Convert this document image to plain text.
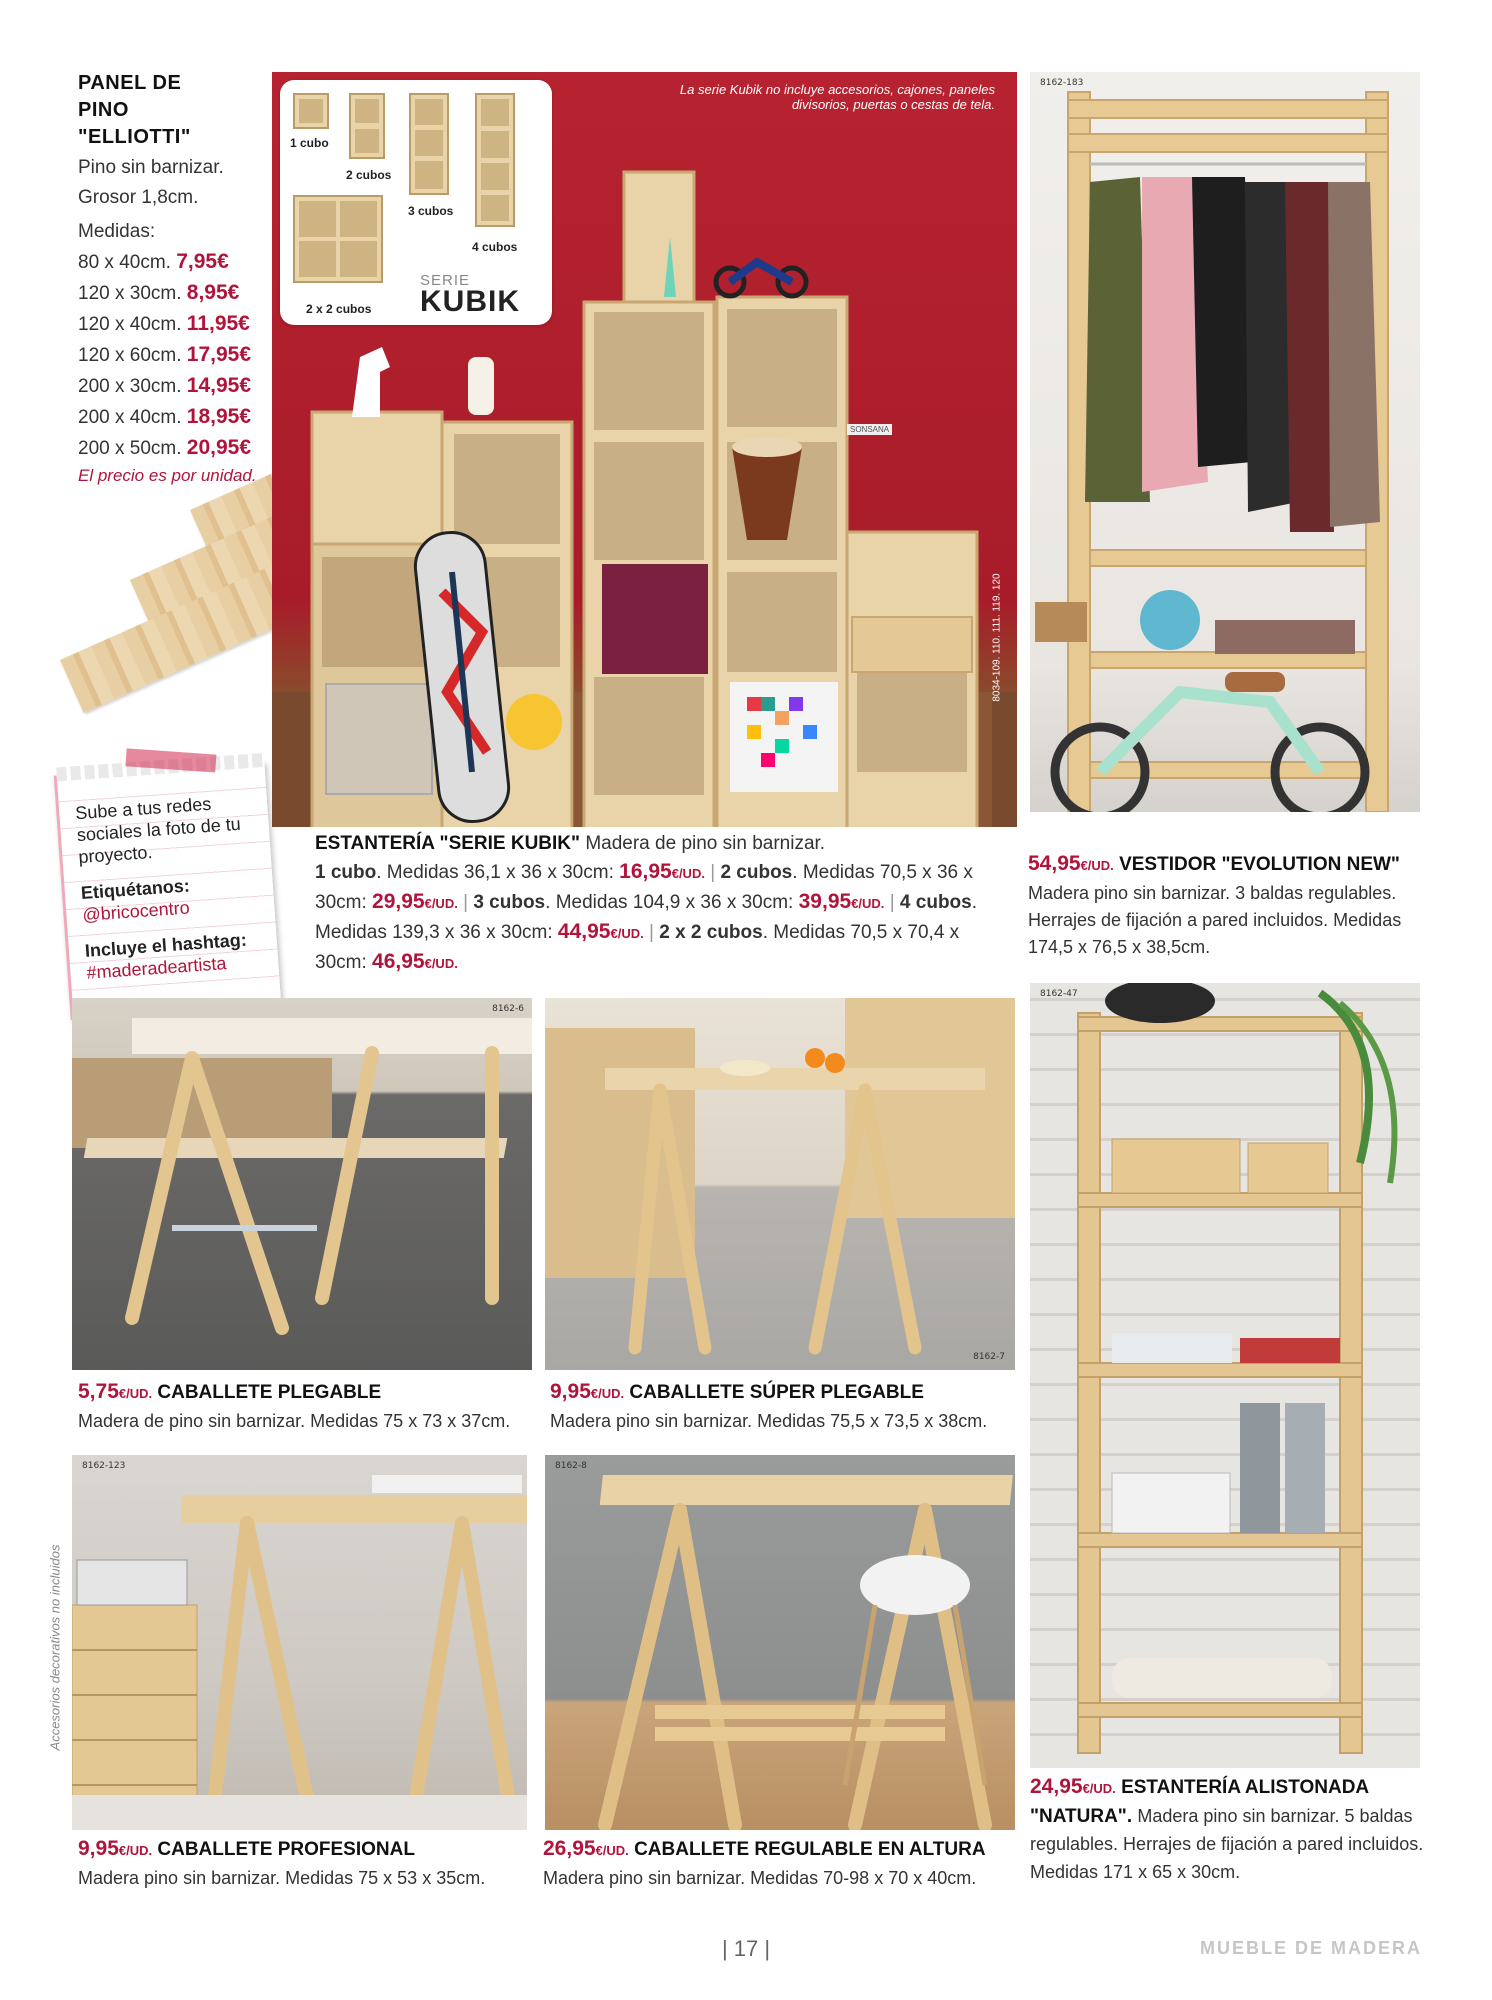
PANEL DE PINO "ELLIOTTI"
Pino sin barnizar.
Grosor 1,8cm.
Medidas:
80 x 40cm. 7,95€
120 x 30cm. 8,95€
120 x 40cm. 11,95€
120 x 60cm. 17,95€
200 x 30cm. 14,95€
200 x 40cm. 18,95€
200 x 50cm. 20,95€
El precio es por unidad.
Sube a tus redes sociales la foto de tu proyecto.
Etiquétanos:
@bricocentro
Incluye el hashtag:
#maderadeartista
La serie Kubik no incluye accesorios, cajones, paneles divisorios, puertas o cestas de tela.
8034-109. 110. 111. 119. 120
SONSANA
1 cubo
2 cubos
3 cubos
4 cubos
2 x 2 cubos
SERIE
KUBIK
ESTANTERÍA "SERIE KUBIK" Madera de pino sin barnizar.
1 cubo. Medidas 36,1 x 36 x 30cm: 16,95€/UD. | 2 cubos. Medidas 70,5 x 36 x 30cm: 29,95€/UD. | 3 cubos. Medidas 104,9 x 36 x 30cm: 39,95€/UD. | 4 cubos. Medidas 139,3 x 36 x 30cm: 44,95€/UD. | 2 x 2 cubos. Medidas 70,5 x 70,4 x 30cm: 46,95€/UD.
8162-183
54,95€/UD. VESTIDOR "EVOLUTION NEW"
Madera pino sin barnizar. 3 baldas regulables. Herrajes de fijación a pared incluidos. Medidas 174,5 x 76,5 x 38,5cm.
8162-6
5,75€/UD. CABALLETE PLEGABLE
Madera de pino sin barnizar. Medidas 75 x 73 x 37cm.
8162-7
9,95€/UD. CABALLETE SÚPER PLEGABLE
Madera pino sin barnizar. Medidas 75,5 x 73,5 x 38cm.
8162-47
24,95€/UD. ESTANTERÍA ALISTONADA
"NATURA". Madera pino sin barnizar. 5 baldas regulables. Herrajes de fijación a pared incluidos. Medidas 171 x 65 x 30cm.
8162-123
9,95€/UD. CABALLETE PROFESIONAL
Madera pino sin barnizar. Medidas 75 x 53 x 35cm.
8162-8
26,95€/UD. CABALLETE REGULABLE EN ALTURA
Madera pino sin barnizar. Medidas 70-98 x 70 x 40cm.
Accesorios decorativos no incluidos
| 17 |	MUEBLE DE MADERA
